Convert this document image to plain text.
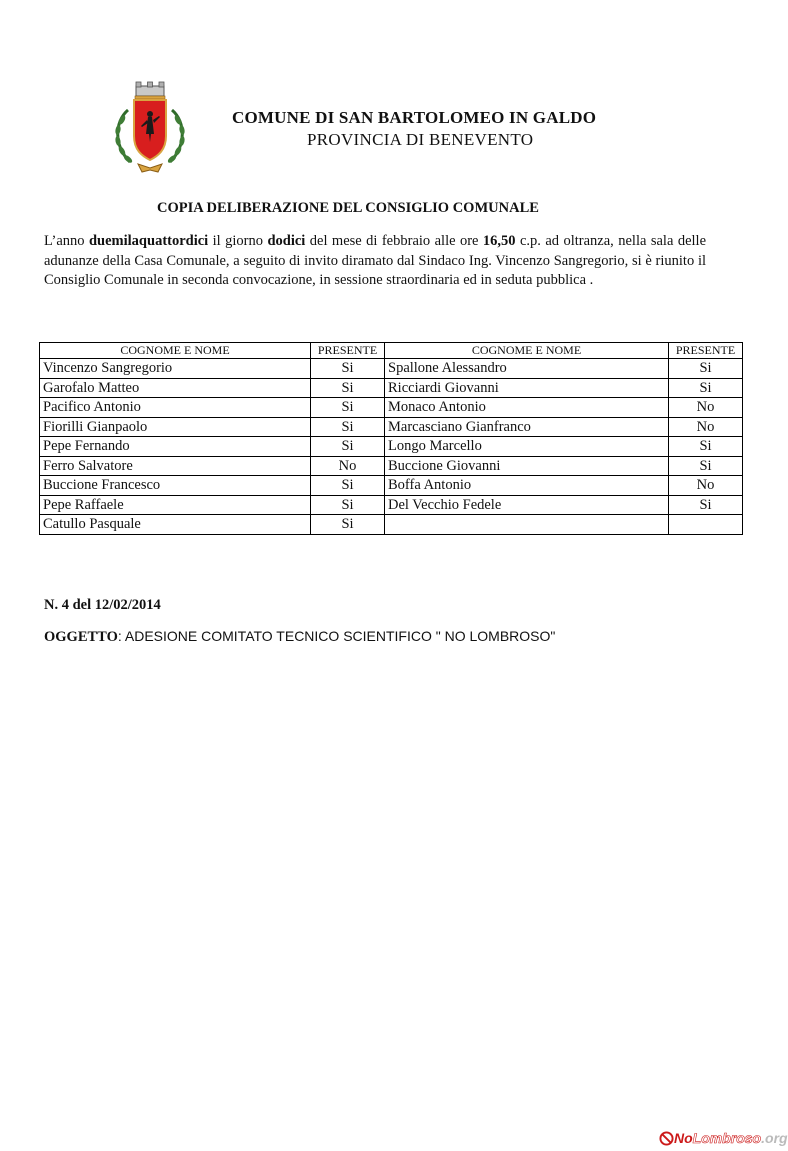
COMUNE DI SAN BARTOLOMEO IN GALDO
PROVINCIA DI BENEVENTO
COPIA DELIBERAZIONE DEL CONSIGLIO COMUNALE
L’anno duemilaquattordici il giorno dodici del mese di febbraio alle ore 16,50 c.p. ad oltranza, nella sala delle adunanze della Casa Comunale, a seguito di invito diramato dal Sindaco Ing. Vincenzo Sangregorio, si è riunito il Consiglio Comunale in seconda convocazione, in sessione straordinaria ed in seduta pubblica .
COGNOME E NOME	PRESENTE	COGNOME E NOME	PRESENTE
Vincenzo Sangregorio	Si	Spallone Alessandro	Si
Garofalo Matteo	Si	Ricciardi Giovanni	Si
Pacifico Antonio	Si	Monaco Antonio	No
Fiorilli Gianpaolo	Si	Marcasciano Gianfranco	No
Pepe Fernando	Si	Longo Marcello	Si
Ferro Salvatore	No	Buccione Giovanni	Si
Buccione Francesco	Si	Boffa Antonio	No
Pepe Raffaele	Si	Del Vecchio Fedele	Si
Catullo Pasquale	Si		
N. 4 del 12/02/2014
OGGETTO: ADESIONE COMITATO TECNICO SCIENTIFICO " NO LOMBROSO"
NoLombroso.org
